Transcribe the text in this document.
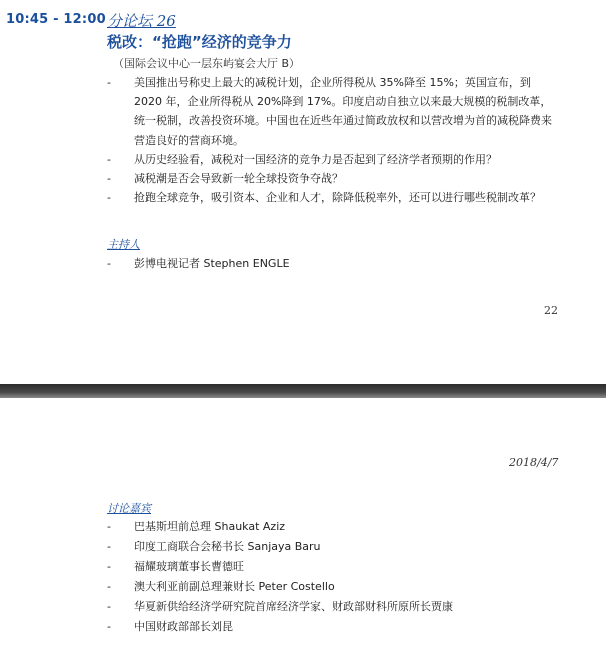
10:45 - 12:00 分论坛 26
税改：“抢跑”经济的竞争力
（国际会议中心一层东屿宴会大厅 B）
- 美国推出号称史上最大的减税计划，企业所得税从 35%降至 15%；英国宣布，到 2020 年，企业所得税从 20%降到 17%。印度启动自独立以来最大规模的税制改革，统一税制，改善投资环境。中国也在近些年通过简政放权和以营改增为首的减税降费来营造良好的营商环境。
- 从历史经验看，减税对一国经济的竞争力是否起到了经济学者预期的作用？
- 减税潮是否会导致新一轮全球投资争夺战？
- 抢跑全球竞争，吸引资本、企业和人才，除降低税率外，还可以进行哪些税制改革？
主持人
- 彭博电视记者 Stephen ENGLE
22
2018/4/7
讨论嘉宾
- 巴基斯坦前总理 Shaukat Aziz
- 印度工商联合会秘书长 Sanjaya Baru
- 福耀玻璃董事长曹德旺
- 澳大利亚前副总理兼财长 Peter Costello
- 华夏新供给经济学研究院首席经济学家、财政部财科所原所长贾康
- 中国财政部部长刘昆
